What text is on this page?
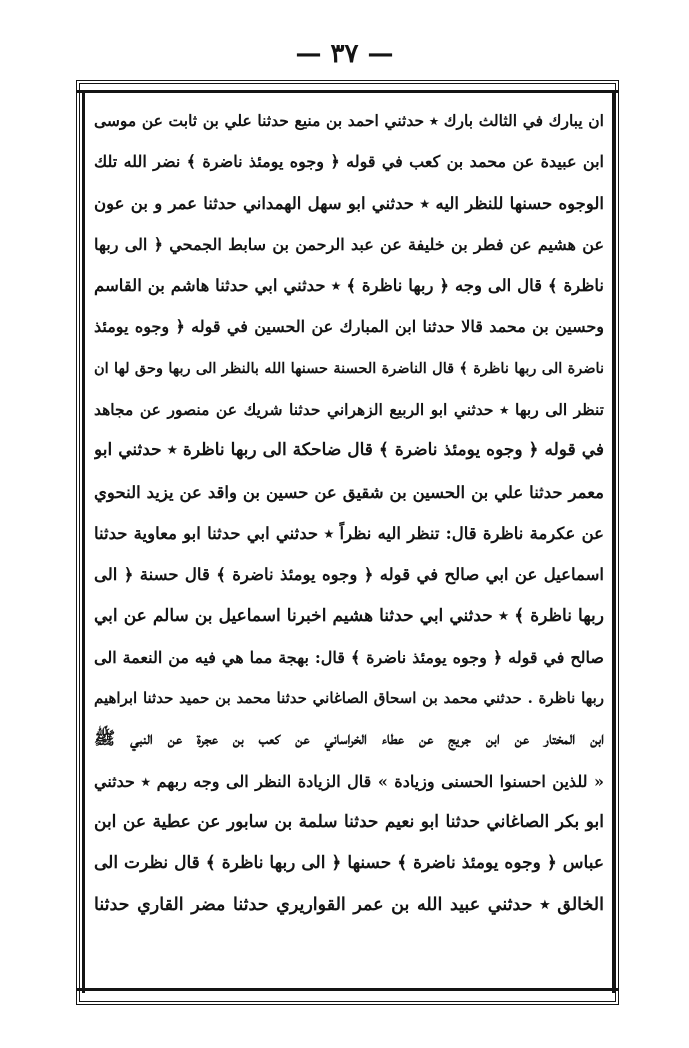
— ٣٧ —
ان يبارك في الثالث بارك ٭ حدثني احمد بن منيع حدثنا علي بن ثابت عن موسى
ابن عبيدة عن محمد بن كعب في قوله ﴿ وجوه يومئذ ناضرة ﴾ نضر الله تلك
الوجوه حسنها للنظر اليه ٭ حدثني ابو سهل الهمداني حدثنا عمر و بن عون
عن هشيم عن فطر بن خليفة عن عبد الرحمن بن سابط الجمحي ﴿ الى ربها
ناظرة ﴾ قال الى وجه ﴿ ربها ناظرة ﴾ ٭ حدثني ابي حدثنا هاشم بن القاسم
وحسين بن محمد قالا حدثنا ابن المبارك عن الحسين في قوله ﴿ وجوه يومئذ
ناضرة الى ربها ناظرة ﴾ قال الناضرة الحسنة حسنها الله بالنظر الى ربها وحق لها ان
تنظر الى ربها ٭ حدثني ابو الربيع الزهراني حدثنا شريك عن منصور عن مجاهد
في قوله ﴿ وجوه يومئذ ناضرة ﴾ قال ضاحكة الى ربها ناظرة ٭ حدثني ابو
معمر حدثنا علي بن الحسين بن شقيق عن حسين بن واقد عن يزيد النحوي
عن عكرمة ناظرة قال: تنظر اليه نظراً ٭ حدثني ابي حدثنا ابو معاوية حدثنا
اسماعيل عن ابي صالح في قوله ﴿ وجوه يومئذ ناضرة ﴾ قال حسنة ﴿ الى
ربها ناظرة ﴾ ٭ حدثني ابي حدثنا هشيم اخبرنا اسماعيل بن سالم عن ابي
صالح في قوله ﴿ وجوه يومئذ ناضرة ﴾ قال: بهجة مما هي فيه من النعمة الى
ربها ناظرة . حدثني محمد بن اسحاق الصاغاني حدثنا محمد بن حميد حدثنا ابراهيم
ابن المختار عن ابن جريج عن عطاء الخراساني عن كعب بن عجرة عن النبي ﷺ
« للذين احسنوا الحسنى وزيادة » قال الزيادة النظر الى وجه ربهم ٭ حدثني
ابو بكر الصاغاني حدثنا ابو نعيم حدثنا سلمة بن سابور عن عطية عن ابن
عباس ﴿ وجوه يومئذ ناضرة ﴾ حسنها ﴿ الى ربها ناظرة ﴾ قال نظرت الى
الخالق ٭ حدثني عبيد الله بن عمر القواريري حدثنا مضر القاري حدثنا
